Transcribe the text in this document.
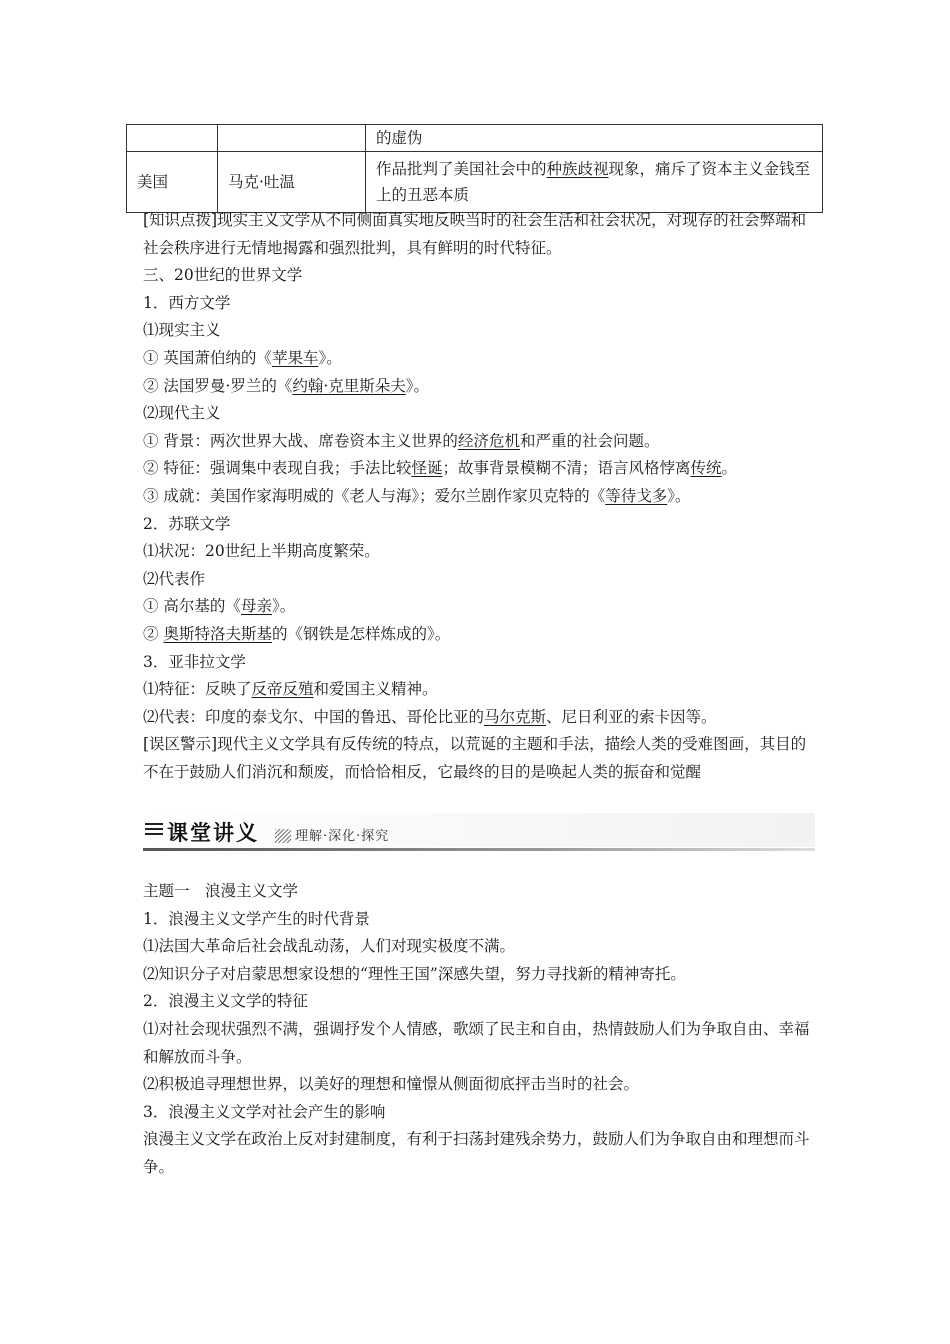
		的虚伪
美国	马克·吐温	作品批判了美国社会中的种族歧视现象，痛斥了资本主义金钱至上的丑恶本质
[知识点拨]现实主义文学从不同侧面真实地反映当时的社会生活和社会状况，对现存的社会弊端和社会秩序进行无情地揭露和强烈批判，具有鲜明的时代特征。
三、20世纪的世界文学
1．西方文学
⑴现实主义
① 英国萧伯纳的《苹果车》。
② 法国罗曼·罗兰的《约翰·克里斯朵夫》。
⑵现代主义
① 背景：两次世界大战、席卷资本主义世界的经济危机和严重的社会问题。
② 特征：强调集中表现自我；手法比较怪诞；故事背景模糊不清；语言风格悖离传统。
③ 成就：美国作家海明威的《老人与海》；爱尔兰剧作家贝克特的《等待戈多》。
2．苏联文学
⑴状况：20世纪上半期高度繁荣。
⑵代表作
① 高尔基的《母亲》。
② 奥斯特洛夫斯基的《钢铁是怎样炼成的》。
3．亚非拉文学
⑴特征：反映了反帝反殖和爱国主义精神。
⑵代表：印度的泰戈尔、中国的鲁迅、哥伦比亚的马尔克斯、尼日利亚的索卡因等。
[误区警示]现代主义文学具有反传统的特点，以荒诞的主题和手法，描绘人类的受难图画，其目的不在于鼓励人们消沉和颓废，而恰恰相反，它最终的目的是唤起人类的振奋和觉醒
课堂讲义	理解·深化·探究
主题一　浪漫主义文学
1．浪漫主义文学产生的时代背景
⑴法国大革命后社会战乱动荡，人们对现实极度不满。
⑵知识分子对启蒙思想家设想的“理性王国”深感失望，努力寻找新的精神寄托。
2．浪漫主义文学的特征
⑴对社会现状强烈不满，强调抒发个人情感，歌颂了民主和自由，热情鼓励人们为争取自由、幸福和解放而斗争。
⑵积极追寻理想世界，以美好的理想和憧憬从侧面彻底抨击当时的社会。
3．浪漫主义文学对社会产生的影响
浪漫主义文学在政治上反对封建制度，有利于扫荡封建残余势力，鼓励人们为争取自由和理想而斗争。
